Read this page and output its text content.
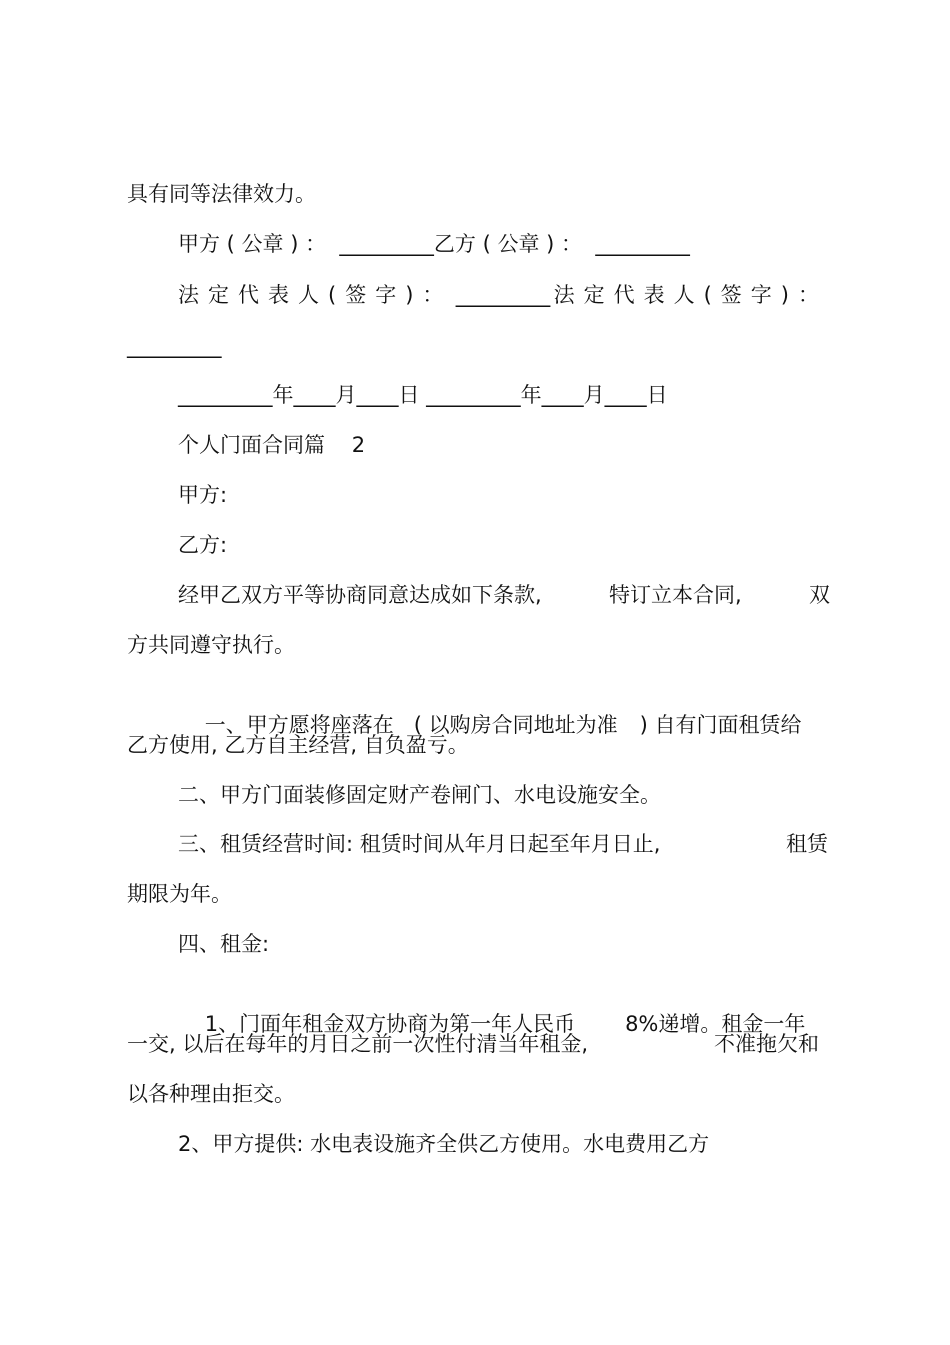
具有同等法律效力。
甲方 ( 公章 ) ：  _________乙方 ( 公章 ) ：  _________
法定代表人(签字)： _________ 法定代表人(签字)：
_________
_________年____月____日 _________年____月____日
个人门面合同篇    2
甲方:
乙方:
经甲乙双方平等协商同意达成如下条款,	特订立本合同,	双
方共同遵守执行。

一、甲方愿将座落在 ( 以购房合同地址为准 ) 自有门面租赁给

乙方使用, 乙方自主经营, 自负盈亏。
二、甲方门面装修固定财产卷闸门、水电设施安全。
三、租赁经营时间: 租赁时间从年月日起至年月日止,	租赁
期限为年。
四、租金:

1、门面年租金双方协商为第一年人民币 8%递增。租金一年

一交, 以后在每年的月日之前一次性付清当年租金,	不准拖欠和
以各种理由拒交。
2、甲方提供: 水电表设施齐全供乙方使用。水电费用乙方
